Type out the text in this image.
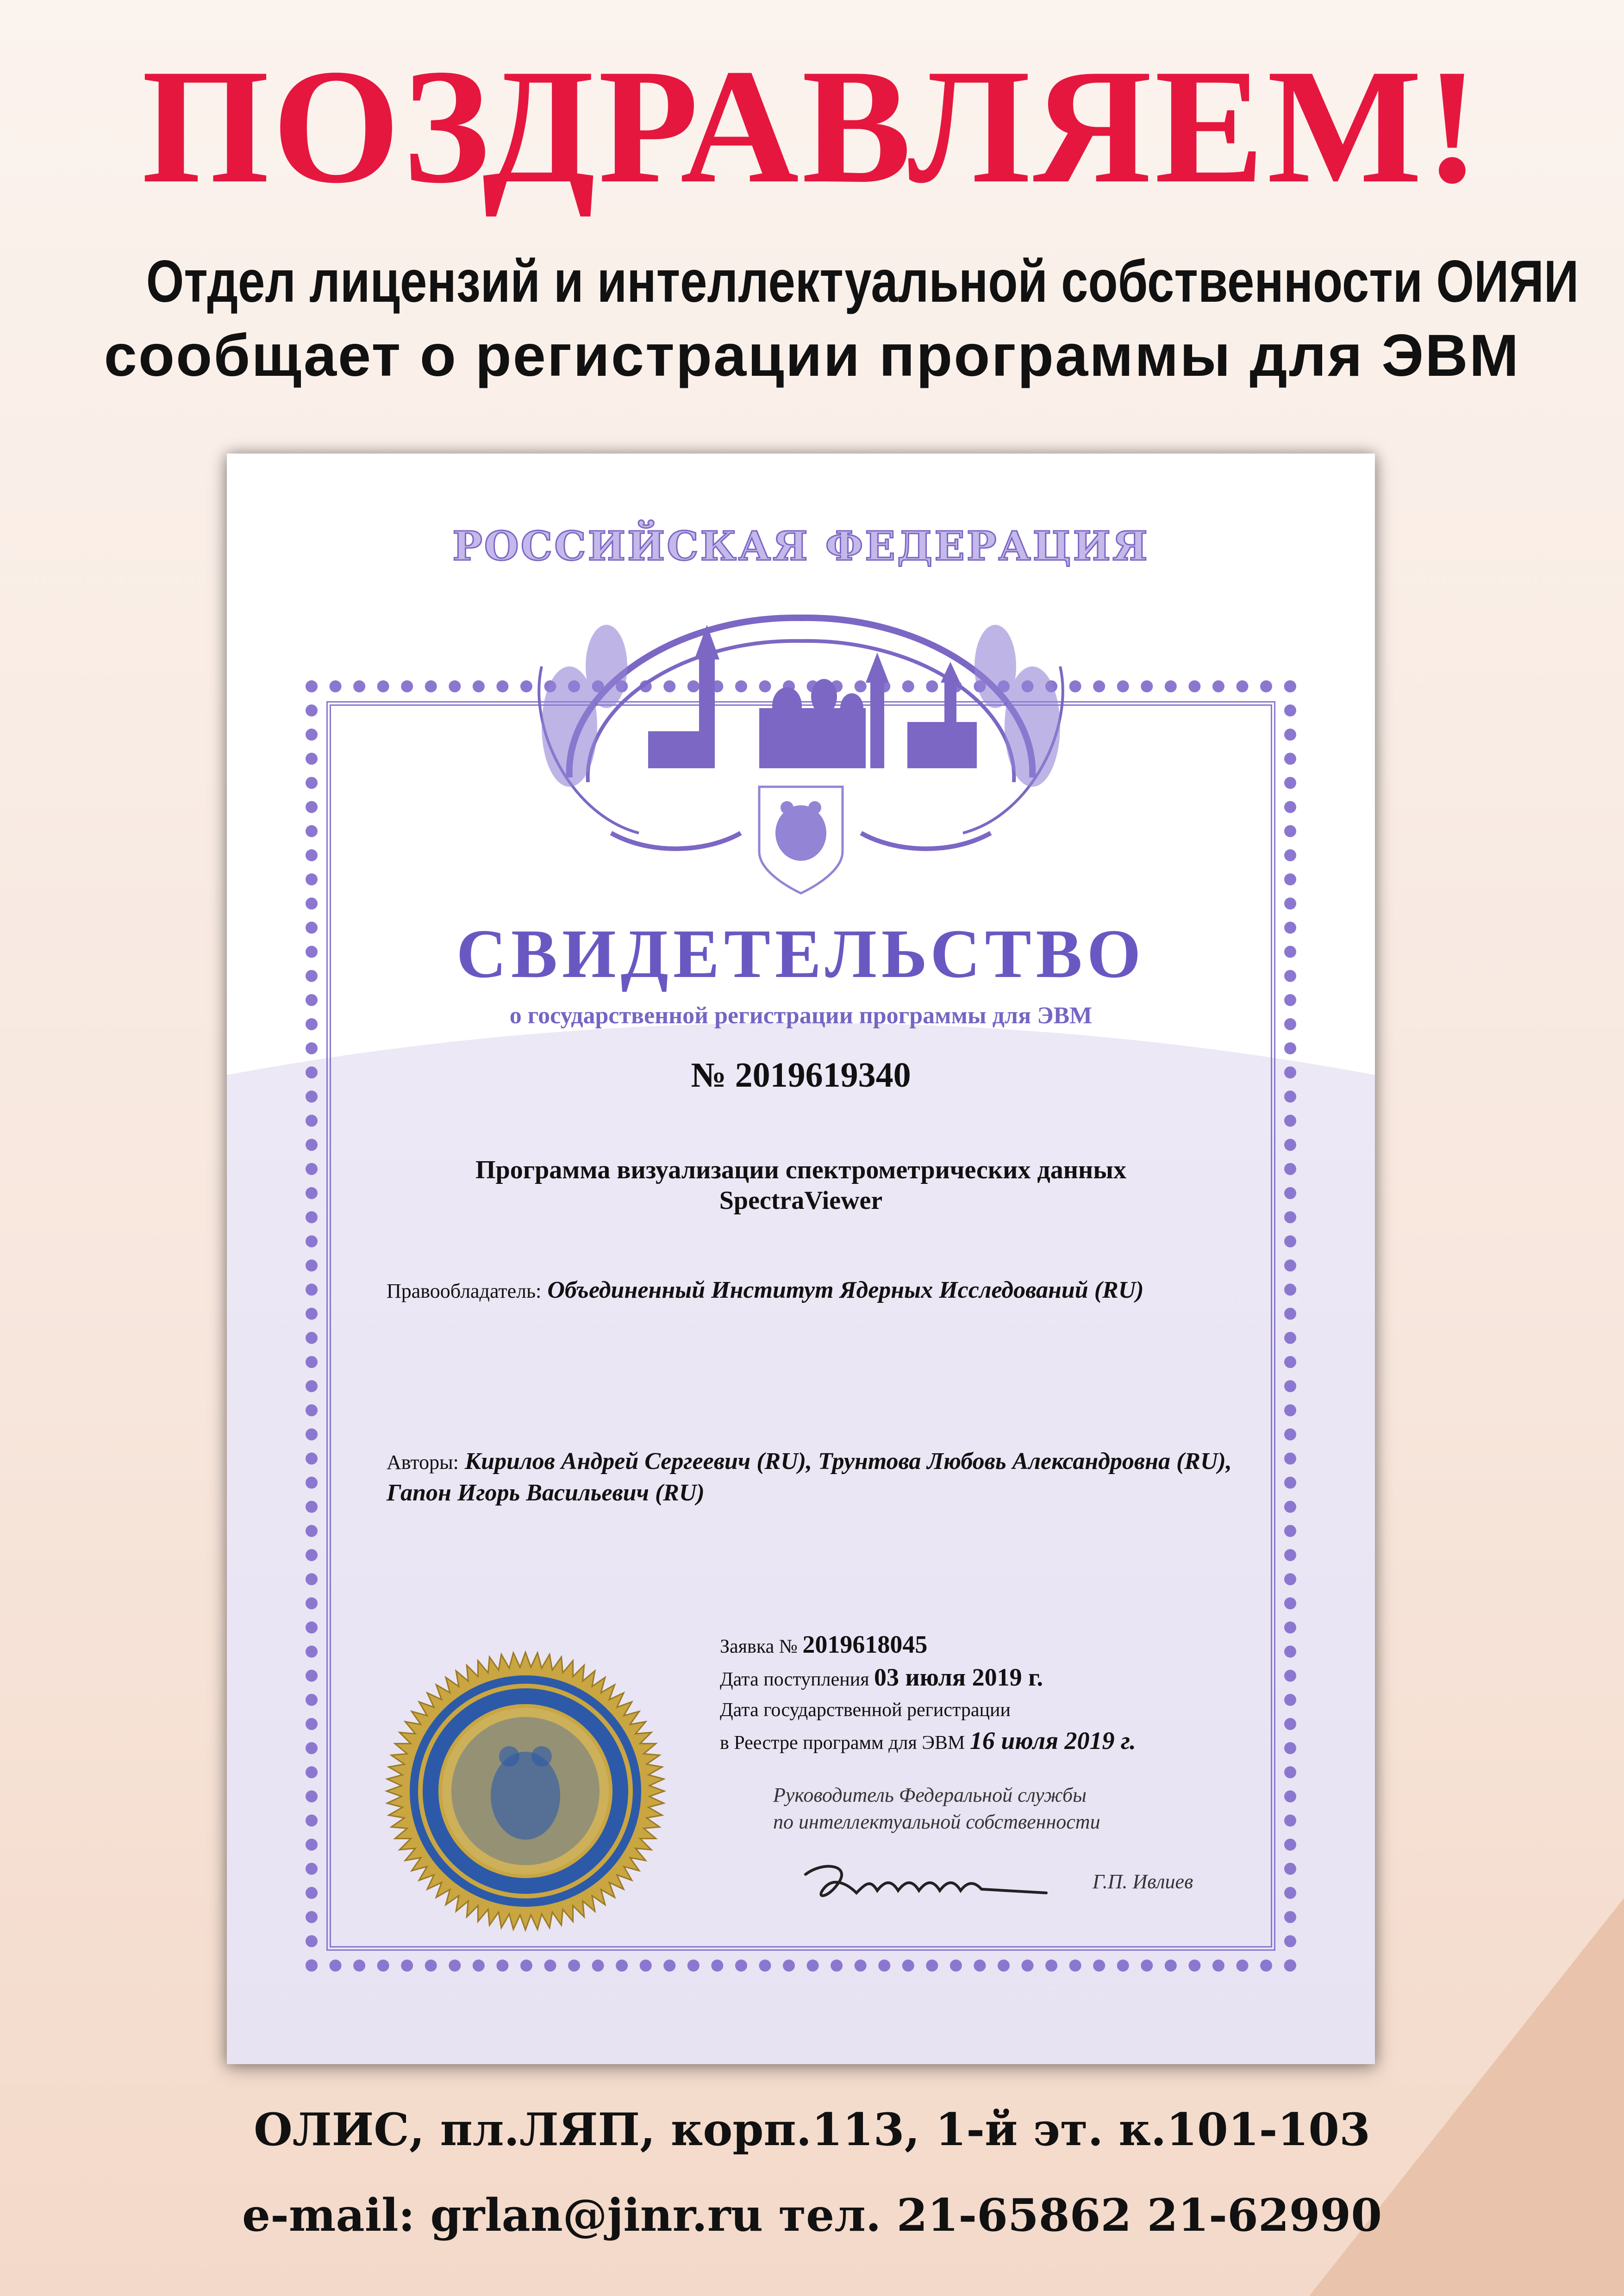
ПОЗДРАВЛЯЕМ!
Отдел лицензий и интеллектуальной собственности ОИЯИ
сообщает о регистрации программы для ЭВМ
РОССИЙСКАЯ ФЕДЕРАЦИЯ
СВИДЕТЕЛЬСТВО
о государственной регистрации программы для ЭВМ
№ 2019619340
Программа визуализации спектрометрических данных
SpectraViewer
Правообладатель: Объединенный Институт Ядерных Исследований (RU)
Авторы: Кирилов Андрей Сергеевич (RU), Трунтова Любовь Александровна (RU), Гапон Игорь Васильевич (RU)
Заявка № 2019618045
Дата поступления 03 июля 2019 г.
Дата государственной регистрации
в Реестре программ для ЭВМ 16 июля 2019 г.
Руководитель Федеральной службы
по интеллектуальной собственности
Г.П. Ивлиев
ОЛИС, пл.ЛЯП, корп.113, 1-й эт. к.101-103
e-mail: grlan@jinr.ru тел. 21-65862 21-62990
